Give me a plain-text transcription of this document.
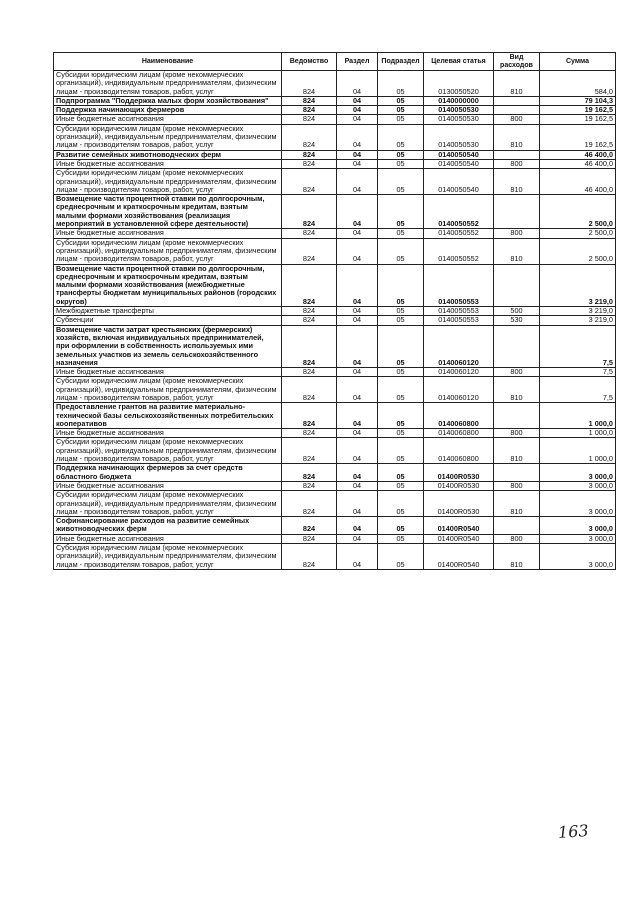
Наименование	Ведомство	Раздел	Подраздел	Целевая статья	Вид расходов	Сумма
Субсидии юридическим лицам (кроме некоммерческих организаций), индивидуальным предпринимателям, физическим лицам - производителям товаров, работ, услуг	824	04	05	0130050520	810	584,0
Подпрограмма "Поддержка малых форм хозяйствования"	824	04	05	0140000000		79 104,3
Поддержка начинающих фермеров	824	04	05	0140050530		19 162,5
Иные бюджетные ассигнования	824	04	05	0140050530	800	19 162,5
Субсидии юридическим лицам (кроме некоммерческих организаций), индивидуальным предпринимателям, физическим лицам - производителям товаров, работ, услуг	824	04	05	0140050530	810	19 162,5
Развитие семейных животноводческих ферм	824	04	05	0140050540		46 400,0
Иные бюджетные ассигнования	824	04	05	0140050540	800	46 400,0
Субсидии юридическим лицам (кроме некоммерческих организаций), индивидуальным предпринимателям, физическим лицам - производителям товаров, работ, услуг	824	04	05	0140050540	810	46 400,0
Возмещение части процентной ставки по долгосрочным, среднесрочным и краткосрочным кредитам, взятым малыми формами хозяйствования (реализация мероприятий в установленной сфере деятельности)	824	04	05	0140050552		2 500,0
Иные бюджетные ассигнования	824	04	05	0140050552	800	2 500,0
Субсидии юридическим лицам (кроме некоммерческих организаций), индивидуальным предпринимателям, физическим лицам - производителям товаров, работ, услуг	824	04	05	0140050552	810	2 500,0
Возмещение части процентной ставки по долгосрочным, среднесрочным и краткосрочным кредитам, взятым малыми формами хозяйствования (межбюджетные трансферты бюджетам муниципальных районов (городских округов)	824	04	05	0140050553		3 219,0
Межбюджетные трансферты	824	04	05	0140050553	500	3 219,0
Субвенции	824	04	05	0140050553	530	3 219,0
Возмещение части затрат крестьянских (фермерских) хозяйств, включая индивидуальных предпринимателей, при оформлении в собственность используемых ими земельных участков из земель сельскохозяйственного назначения	824	04	05	0140060120		7,5
Иные бюджетные ассигнования	824	04	05	0140060120	800	7,5
Субсидии юридическим лицам (кроме некоммерческих организаций), индивидуальным предпринимателям, физическим лицам - производителям товаров, работ, услуг	824	04	05	0140060120	810	7,5
Предоставление грантов на развитие материально-технической базы сельскохозяйственных потребительских кооперативов	824	04	05	0140060800		1 000,0
Иные бюджетные ассигнования	824	04	05	0140060800	800	1 000,0
Субсидии юридическим лицам (кроме некоммерческих организаций), индивидуальным предпринимателям, физическим лицам - производителям товаров, работ, услуг	824	04	05	0140060800	810	1 000,0
Поддержка начинающих фермеров за счет средств областного бюджета	824	04	05	01400R0530		3 000,0
Иные бюджетные ассигнования	824	04	05	01400R0530	800	3 000,0
Субсидии юридическим лицам (кроме некоммерческих организаций), индивидуальным предпринимателям, физическим лицам - производителям товаров, работ, услуг	824	04	05	01400R0530	810	3 000,0
Софинансирование расходов на развитие семейных животноводческих ферм	824	04	05	01400R0540		3 000,0
Иные бюджетные ассигнования	824	04	05	01400R0540	800	3 000,0
Субсидия юридическим лицам (кроме некоммерческих организаций), индивидуальным предпринимателям, физическим лицам - производителям товаров, работ, услуг	824	04	05	01400R0540	810	3 000,0
163
